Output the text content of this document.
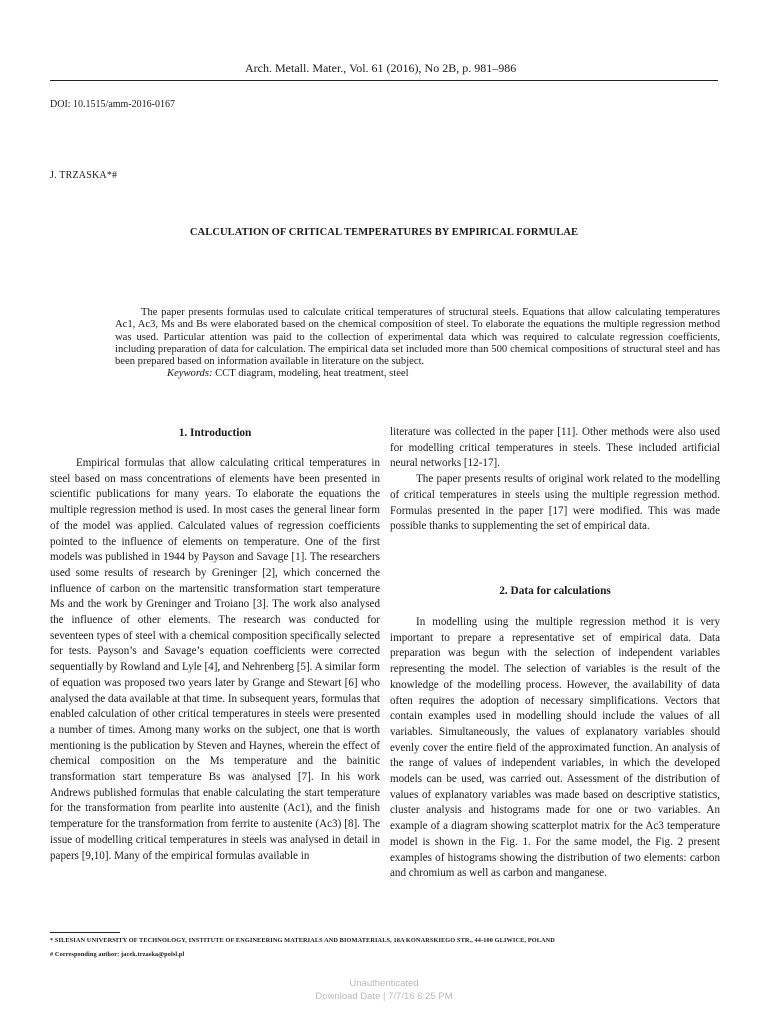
Arch. Metall. Mater., Vol. 61 (2016), No 2B, p. 981–986
DOI: 10.1515/amm-2016-0167
J. TRZASKA*#
CALCULATION OF CRITICAL TEMPERATURES BY EMPIRICAL FORMULAE

The paper presents formulas used to calculate critical temperatures of structural steels. Equations that allow calculating temperatures Ac1, Ac3, Ms and Bs were elaborated based on the chemical composition of steel. To elaborate the equations the multiple regression method was used. Particular attention was paid to the collection of experimental data which was required to calculate regression coefficients, including preparation of data for calculation. The empirical data set included more than 500 chemical compositions of structural steel and has been prepared based on information available in literature on the subject.

Keywords: CCT diagram, modeling, heat treatment, steel

1. Introduction

Empirical formulas that allow calculating critical temperatures in steel based on mass concentrations of elements have been presented in scientific publications for many years. To elaborate the equations the multiple regression method is used. In most cases the general linear form of the model was applied. Calculated values of regression coefficients pointed to the influence of elements on temperature. One of the first models was published in 1944 by Payson and Savage [1]. The researchers used some results of research by Greninger [2], which concerned the influence of carbon on the martensitic transformation start temperature Ms and the work by Greninger and Troiano [3]. The work also analysed the influence of other elements. The research was conducted for seventeen types of steel with a chemical composition specifically selected for tests. Payson’s and Savage’s equation coefficients were corrected sequentially by Rowland and Lyle [4], and Nehrenberg [5]. A similar form of equation was proposed two years later by Grange and Stewart [6] who analysed the data available at that time. In subsequent years, formulas that enabled calculation of other critical temperatures in steels were presented a number of times. Among many works on the subject, one that is worth mentioning is the publication by Steven and Haynes, wherein the effect of chemical composition on the Ms temperature and the bainitic transformation start temperature Bs was analysed [7]. In his work Andrews published formulas that enable calculating the start temperature for the transformation from pearlite into austenite (Ac1), and the finish temperature for the transformation from ferrite to austenite (Ac3) [8]. The issue of modelling critical temperatures in steels was analysed in detail in papers [9,10]. Many of the empirical formulas available in

literature was collected in the paper [11]. Other methods were also used for modelling critical temperatures in steels. These included artificial neural networks [12-17].

The paper presents results of original work related to the modelling of critical temperatures in steels using the multiple regression method. Formulas presented in the paper [17] were modified. This was made possible thanks to supplementing the set of empirical data.

2. Data for calculations

In modelling using the multiple regression method it is very important to prepare a representative set of empirical data. Data preparation was begun with the selection of independent variables representing the model. The selection of variables is the result of the knowledge of the modelling process. However, the availability of data often requires the adoption of necessary simplifications. Vectors that contain examples used in modelling should include the values of all variables. Simultaneously, the values of explanatory variables should evenly cover the entire field of the approximated function. An analysis of the range of values of independent variables, in which the developed models can be used, was carried out. Assessment of the distribution of values of explanatory variables was made based on descriptive statistics, cluster analysis and histograms made for one or two variables. An example of a diagram showing scatterplot matrix for the Ac3 temperature model is shown in the Fig. 1. For the same model, the Fig. 2 present examples of histograms showing the distribution of two elements: carbon and chromium as well as carbon and manganese.

* SILESIAN UNIVERSITY OF TECHNOLOGY, INSTITUTE OF ENGINEERING MATERIALS AND BIOMATERIALS, 18A KONARSKIEGO STR., 44-100 GLIWICE, POLAND
# Corresponding author: jacek.trzaska@polsl.pl
Unauthenticated
Download Date | 7/7/16 6:25 PM
